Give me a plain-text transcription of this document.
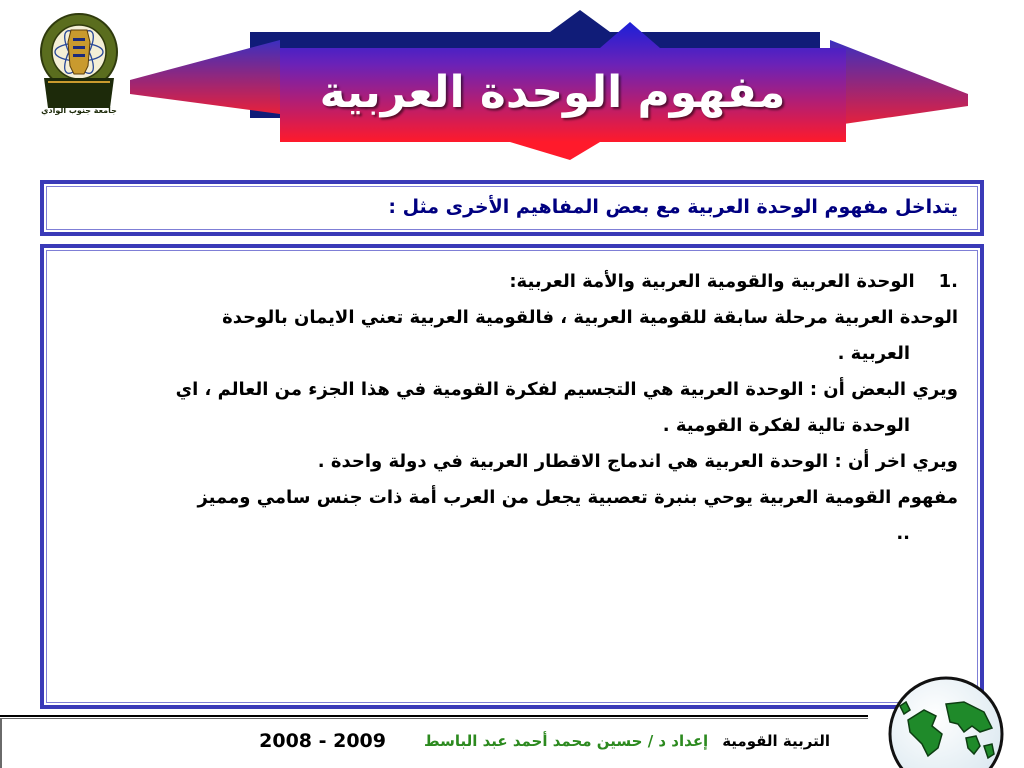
جامعة جنوب الوادي	مفهوم الوحدة العربية
يتداخل مفهوم الوحدة العربية مع بعض المفاهيم الأخرى مثل :

1.
الوحدة العربية والقومية العربية والأمة العربية:

الوحدة العربية مرحلة سابقة للقومية العربية ، فالقومية العربية تعني الايمان بالوحدة

العربية .

ويري البعض أن : الوحدة العربية هي التجسيم لفكرة القومية في هذا الجزء من العالم ، اي

الوحدة تالية لفكرة القومية .

ويري اخر أن : الوحدة العربية هي اندماج الاقطار العربية في دولة واحدة .

مفهوم القومية العربية يوحي بنبرة تعصبية يجعل من العرب أمة ذات جنس سامي ومميز

..

التربية القومية
إعداد د / حسين محمد أحمد عبد الباسط
2008 - 2009
